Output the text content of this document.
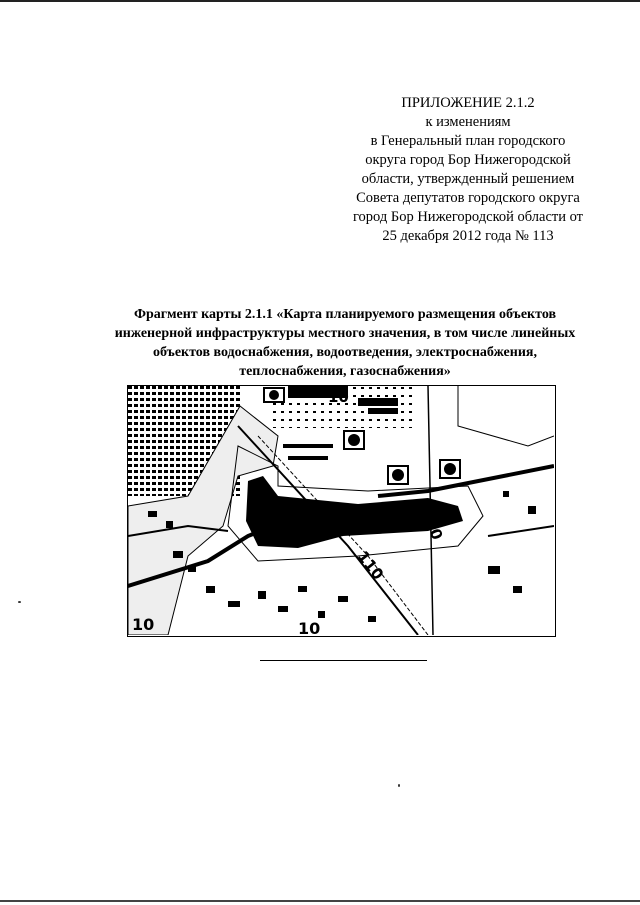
ПРИЛОЖЕНИЕ 2.1.2
к изменениям
в Генеральный план городского
округа город Бор Нижегородской
области, утвержденный решением
Совета депутатов городского округа
город Бор Нижегородской области от
25 декабря 2012 года № 113
Фрагмент карты 2.1.1 «Карта планируемого размещения объектов
инженерной инфраструктуры местного значения, в том числе линейных
объектов водоснабжения, водоотведения, электроснабжения,
теплоснабжения, газоснабжения»
10	10
10
10
110
